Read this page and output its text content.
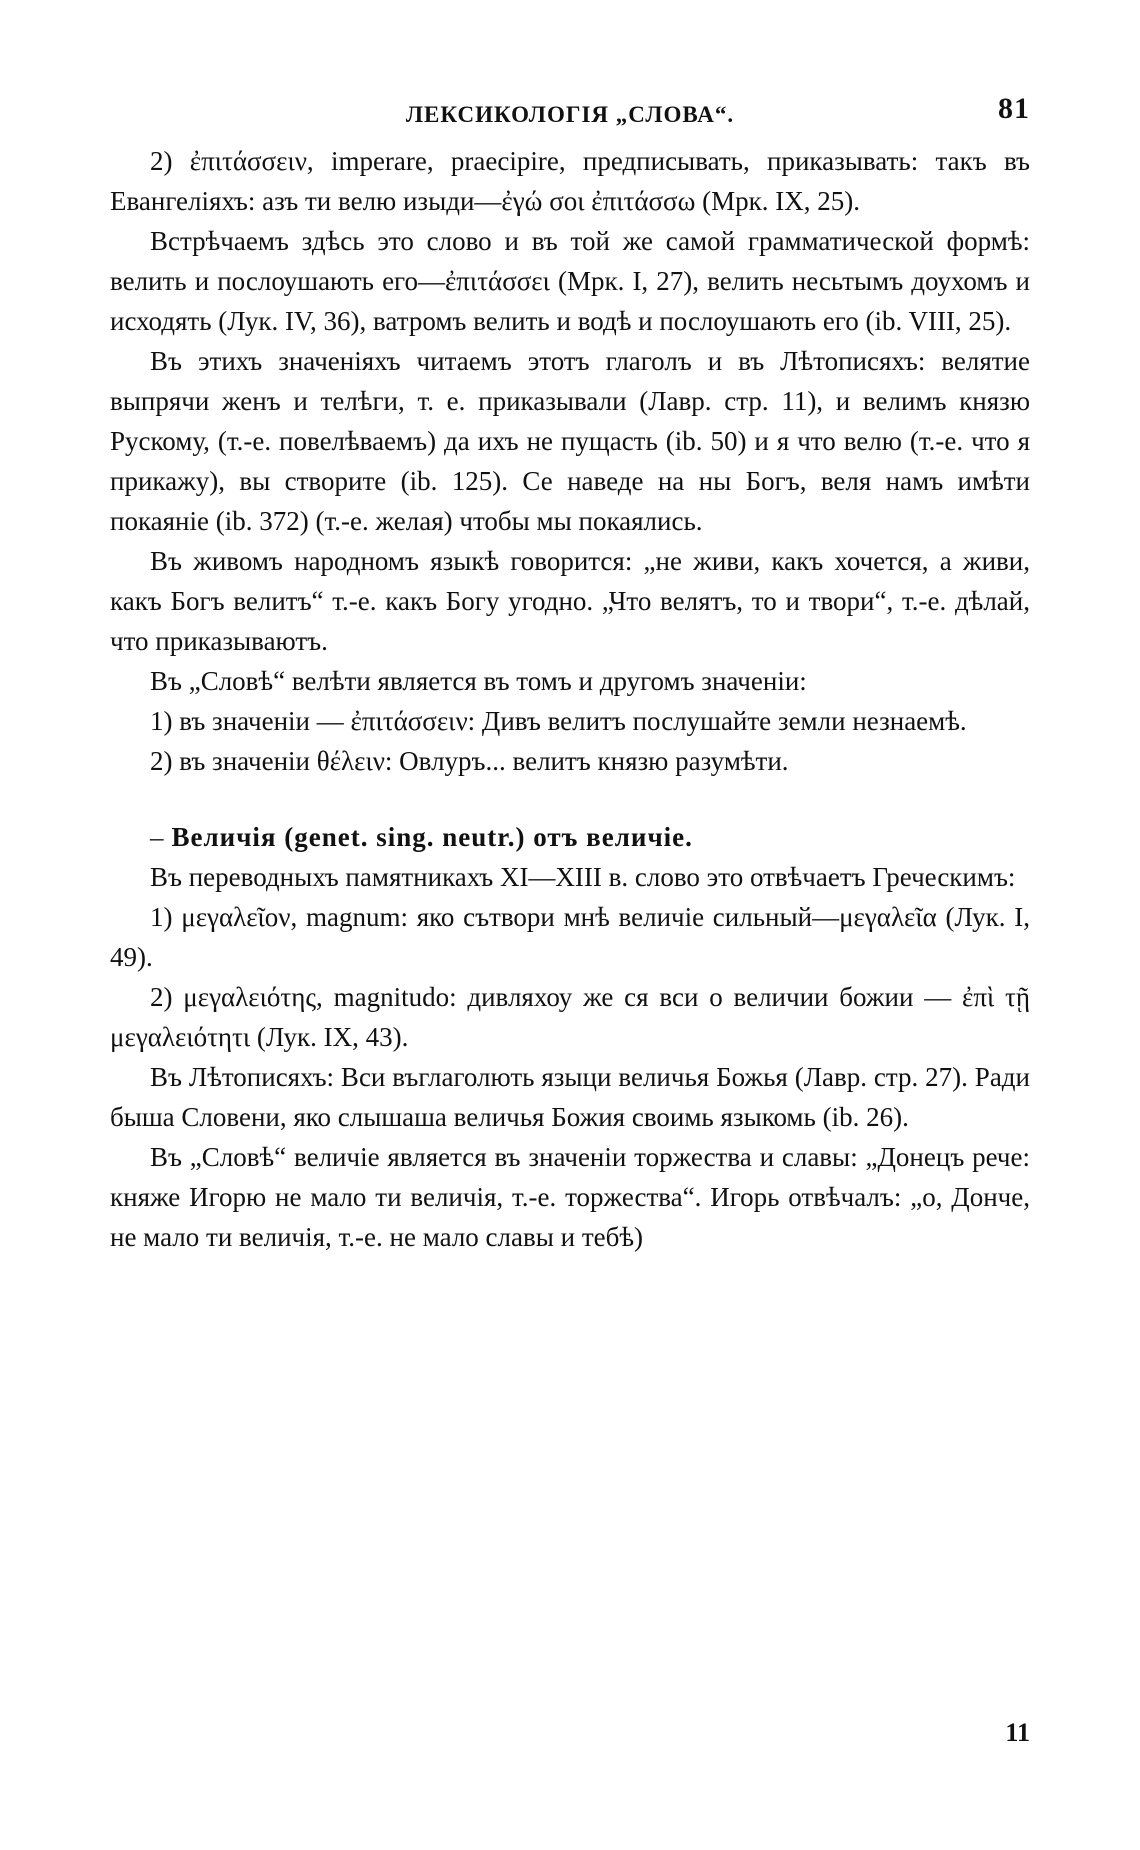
ЛЕКСИКОЛОГІЯ „СЛОВА“.	81

2) ἐπιτάσσειν, imperare, praecipire, предписывать, приказывать: такъ въ Евангеліяхъ: азъ ти велю изыди—ἐγώ σοι ἐπιτάσσω (Мрк. IX, 25).

Встрѣчаемъ здѣсь это слово и въ той же самой грамматической формѣ: велить и послоушають его—ἐπιτάσσει (Мрк. I, 27), велить несьтымъ доухомъ и исходять (Лук. IV, 36), ватромъ велить и водѣ и послоушають его (ib. VIII, 25).

Въ этихъ значеніяхъ читаемъ этотъ глаголъ и въ Лѣтописяхъ: велятие выпрячи женъ и телѣги, т. е. приказывали (Лавр. стр. 11), и велимъ князю Рускому, (т.-е. повелѣваемъ) да ихъ не пущасть (ib. 50) и я что велю (т.-е. что я прикажу), вы створите (ib. 125). Се наведе на ны Богъ, веля намъ имѣти покаяніе (ib. 372) (т.-е. желая) чтобы мы покаялись.

Въ живомъ народномъ языкѣ говорится: „не живи, какъ хочется, а живи, какъ Богъ велитъ“ т.-е. какъ Богу угодно. „Что велятъ, то и твори“, т.-е. дѣлай, что приказываютъ.

Въ „Словѣ“ велѣти является въ томъ и другомъ значеніи:

1) въ значеніи — ἐπιτάσσειν: Дивъ велитъ послушайте земли незнаемѣ.

2) въ значеніи θέλειν: Овлуръ... велитъ князю разумѣти.

– Величія (genet. sing. neutr.) отъ величіе.

Въ переводныхъ памятникахъ XI—XIII в. слово это отвѣчаетъ Греческимъ:

1) μεγαλεῖον, magnum: яко сътвори мнѣ величіе сильный—μεγαλεῖα (Лук. I, 49).

2) μεγαλειότης, magnitudo: дивляхоу же ся вси о величии божии — ἐπὶ τῇ μεγαλειότητι (Лук. IX, 43).

Въ Лѣтописяхъ: Вси въглаголють языци величья Божья (Лавр. стр. 27). Ради быша Словени, яко слышаша величья Божия своимь языкомь (ib. 26).

Въ „Словѣ“ величіе является въ значеніи торжества и славы: „Донецъ рече: княже Игорю не мало ти величія, т.-е. торжества“. Игорь отвѣчалъ: „о, Донче, не мало ти величія, т.-е. не мало славы и тебѣ)

11
